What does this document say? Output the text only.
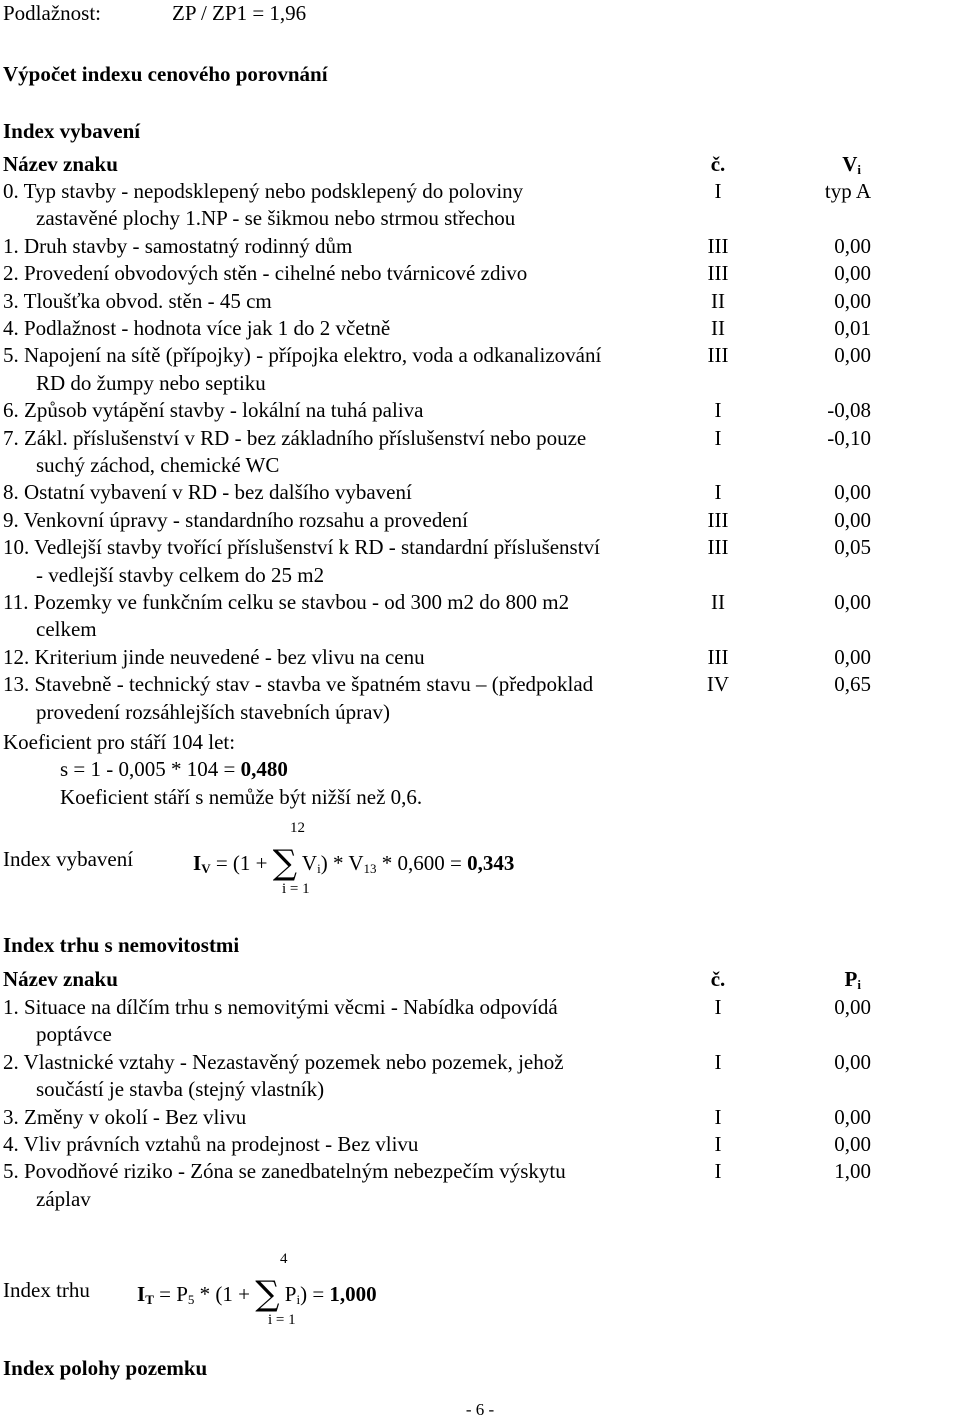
Podlažnost:	ZP / ZP1 = 1,96
Výpočet indexu cenového porovnání
Index vybavení
Název znaku	č.	$V_i$
0. Typ stavby - nepodsklepený nebo podsklepený do poloviny	I	typ A
zastavěné plochy 1.NP - se šikmou nebo strmou střechou
1. Druh stavby - samostatný rodinný dům	III	0,00
2. Provedení obvodových stěn - cihelné nebo tvárnicové zdivo	III	0,00
3. Tloušťka obvod. stěn - 45 cm	II	0,00
4. Podlažnost - hodnota více jak 1 do 2 včetně	II	0,01
5. Napojení na sítě (přípojky) - přípojka elektro, voda a odkanalizování	III	0,00
RD do žumpy nebo septiku
6. Způsob vytápění stavby - lokální na tuhá paliva	I	-0,08
7. Zákl. příslušenství v RD - bez základního příslušenství nebo pouze	I	-0,10
suchý záchod, chemické WC
8. Ostatní vybavení v RD - bez dalšího vybavení	I	0,00
9. Venkovní úpravy - standardního rozsahu a provedení	III	0,00
10. Vedlejší stavby tvořící příslušenství k RD - standardní příslušenství	III	0,05
- vedlejší stavby celkem do 25 m2
11. Pozemky ve funkčním celku se stavbou - od 300 m2 do 800 m2	II	0,00
celkem
12. Kriterium jinde neuvedené - bez vlivu na cenu	III	0,00
13. Stavebně - technický stav - stavba ve špatném stavu – (předpoklad	IV	0,65
provedení rozsáhlejších stavebních úprav)
Koeficient pro stáří 104 let:
s = 1 - 0,005 * 104 = 0,480
Koeficient stáří s nemůže být nižší než 0,6.
12
Index vybavení	$I_V = (1$ + ∑ $V_i) * V_{13} * 0,600 = 0,343$
i = 1
Index trhu s nemovitostmi
Název znaku	č.	$P_i$
1. Situace na dílčím trhu s nemovitými věcmi - Nabídka odpovídá	I	0,00
poptávce
2. Vlastnické vztahy - Nezastavěný pozemek nebo pozemek, jehož	I	0,00
součástí je stavba (stejný vlastník)
3. Změny v okolí - Bez vlivu	I	0,00
4. Vliv právních vztahů na prodejnost - Bez vlivu	I	0,00
5. Povodňové riziko - Zóna se zanedbatelným nebezpečím výskytu	I	1,00
záplav
4
Index trhu $I_T = P_5 * (1$ + ∑ $P_i) = 1,000$
i = 1
Index polohy pozemku
- 6 -
